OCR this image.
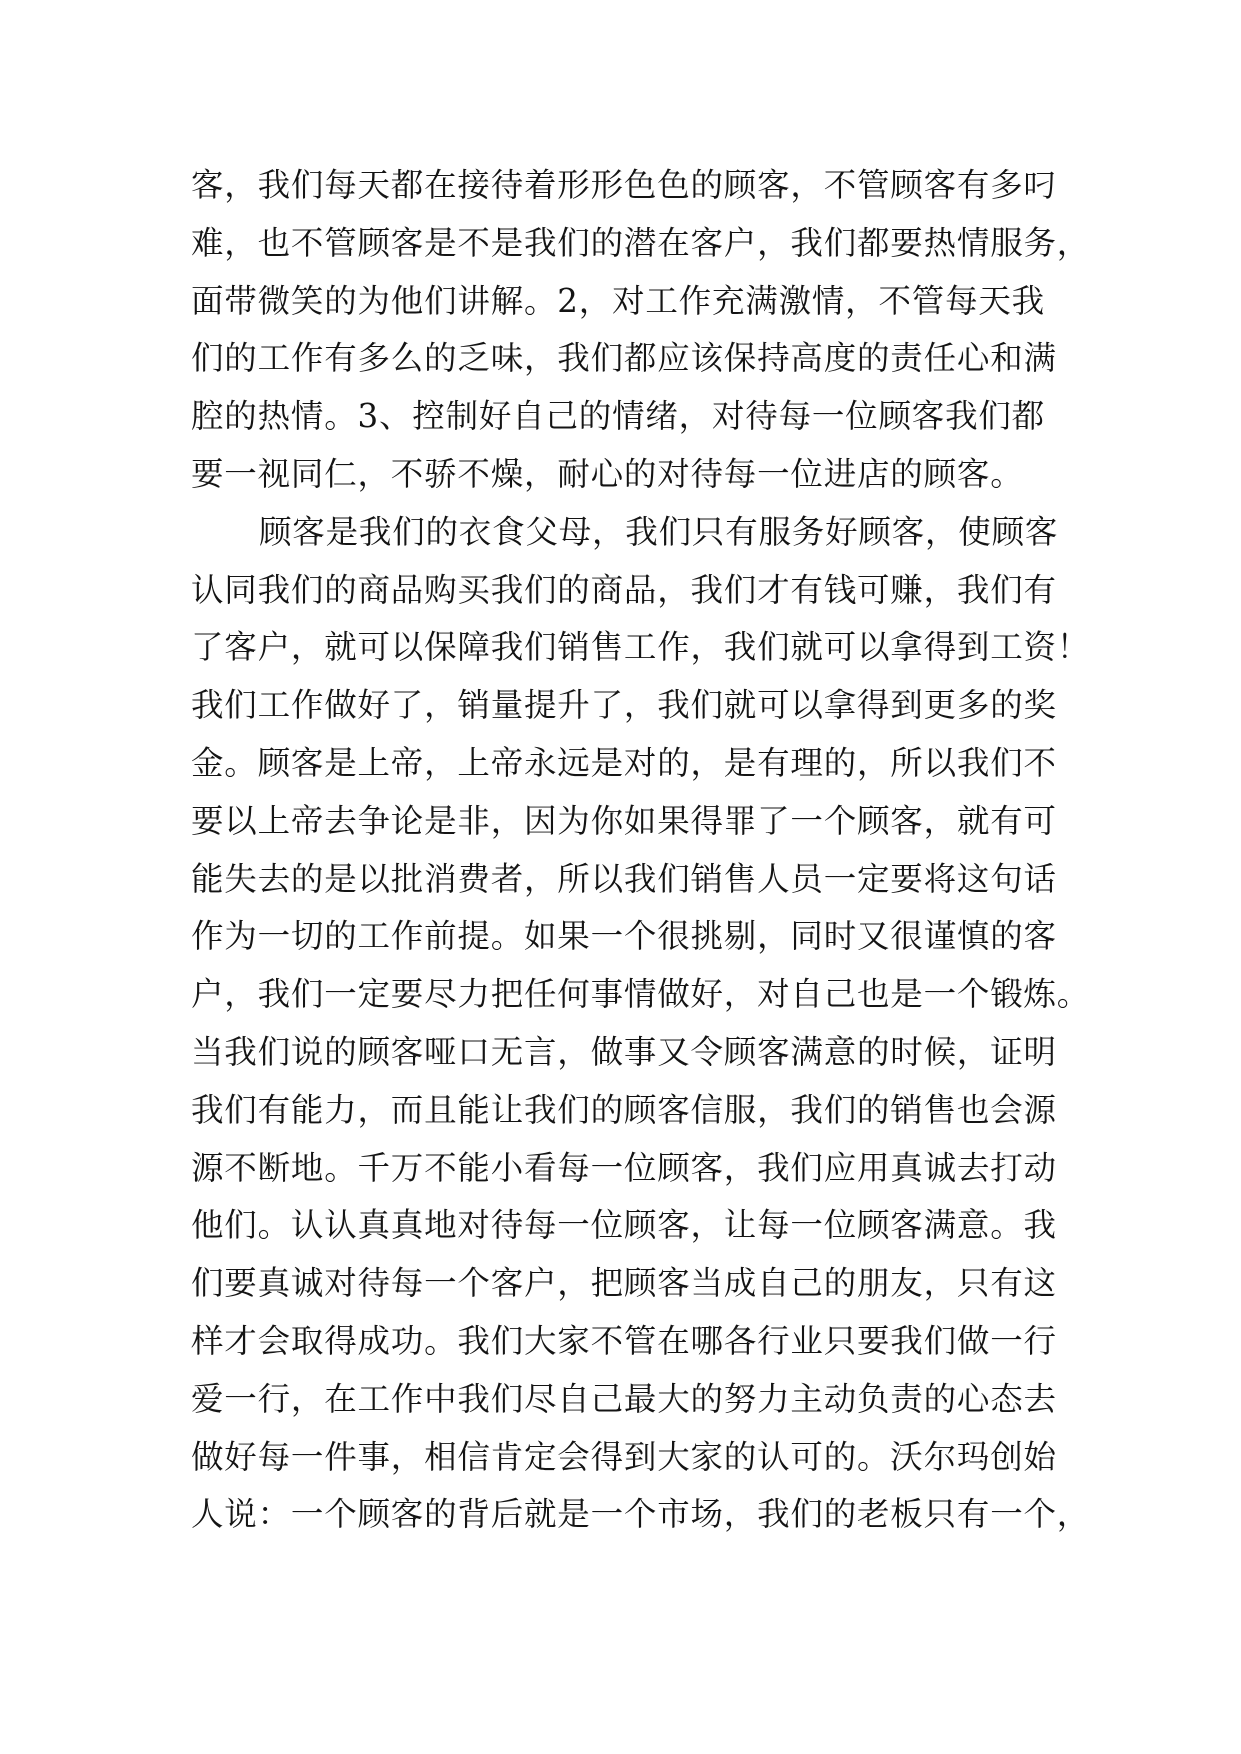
客，我们每天都在接待着形形色色的顾客，不管顾客有多叼
难，也不管顾客是不是我们的潜在客户，我们都要热情服务，
面带微笑的为他们讲解。2，对工作充满激情，不管每天我
们的工作有多么的乏味，我们都应该保持高度的责任心和满
腔的热情。3、控制好自己的情绪，对待每一位顾客我们都
要一视同仁，不骄不燥，耐心的对待每一位进店的顾客。
顾客是我们的衣食父母，我们只有服务好顾客，使顾客
认同我们的商品购买我们的商品，我们才有钱可赚，我们有
了客户，就可以保障我们销售工作，我们就可以拿得到工资！
我们工作做好了，销量提升了，我们就可以拿得到更多的奖
金。顾客是上帝，上帝永远是对的，是有理的，所以我们不
要以上帝去争论是非，因为你如果得罪了一个顾客，就有可
能失去的是以批消费者，所以我们销售人员一定要将这句话
作为一切的工作前提。如果一个很挑剔，同时又很谨慎的客
户，我们一定要尽力把任何事情做好，对自己也是一个锻炼。
当我们说的顾客哑口无言，做事又令顾客满意的时候，证明
我们有能力，而且能让我们的顾客信服，我们的销售也会源
源不断地。千万不能小看每一位顾客，我们应用真诚去打动
他们。认认真真地对待每一位顾客，让每一位顾客满意。我
们要真诚对待每一个客户，把顾客当成自己的朋友，只有这
样才会取得成功。我们大家不管在哪各行业只要我们做一行
爱一行，在工作中我们尽自己最大的努力主动负责的心态去
做好每一件事，相信肯定会得到大家的认可的。沃尔玛创始
人说：一个顾客的背后就是一个市场，我们的老板只有一个，
